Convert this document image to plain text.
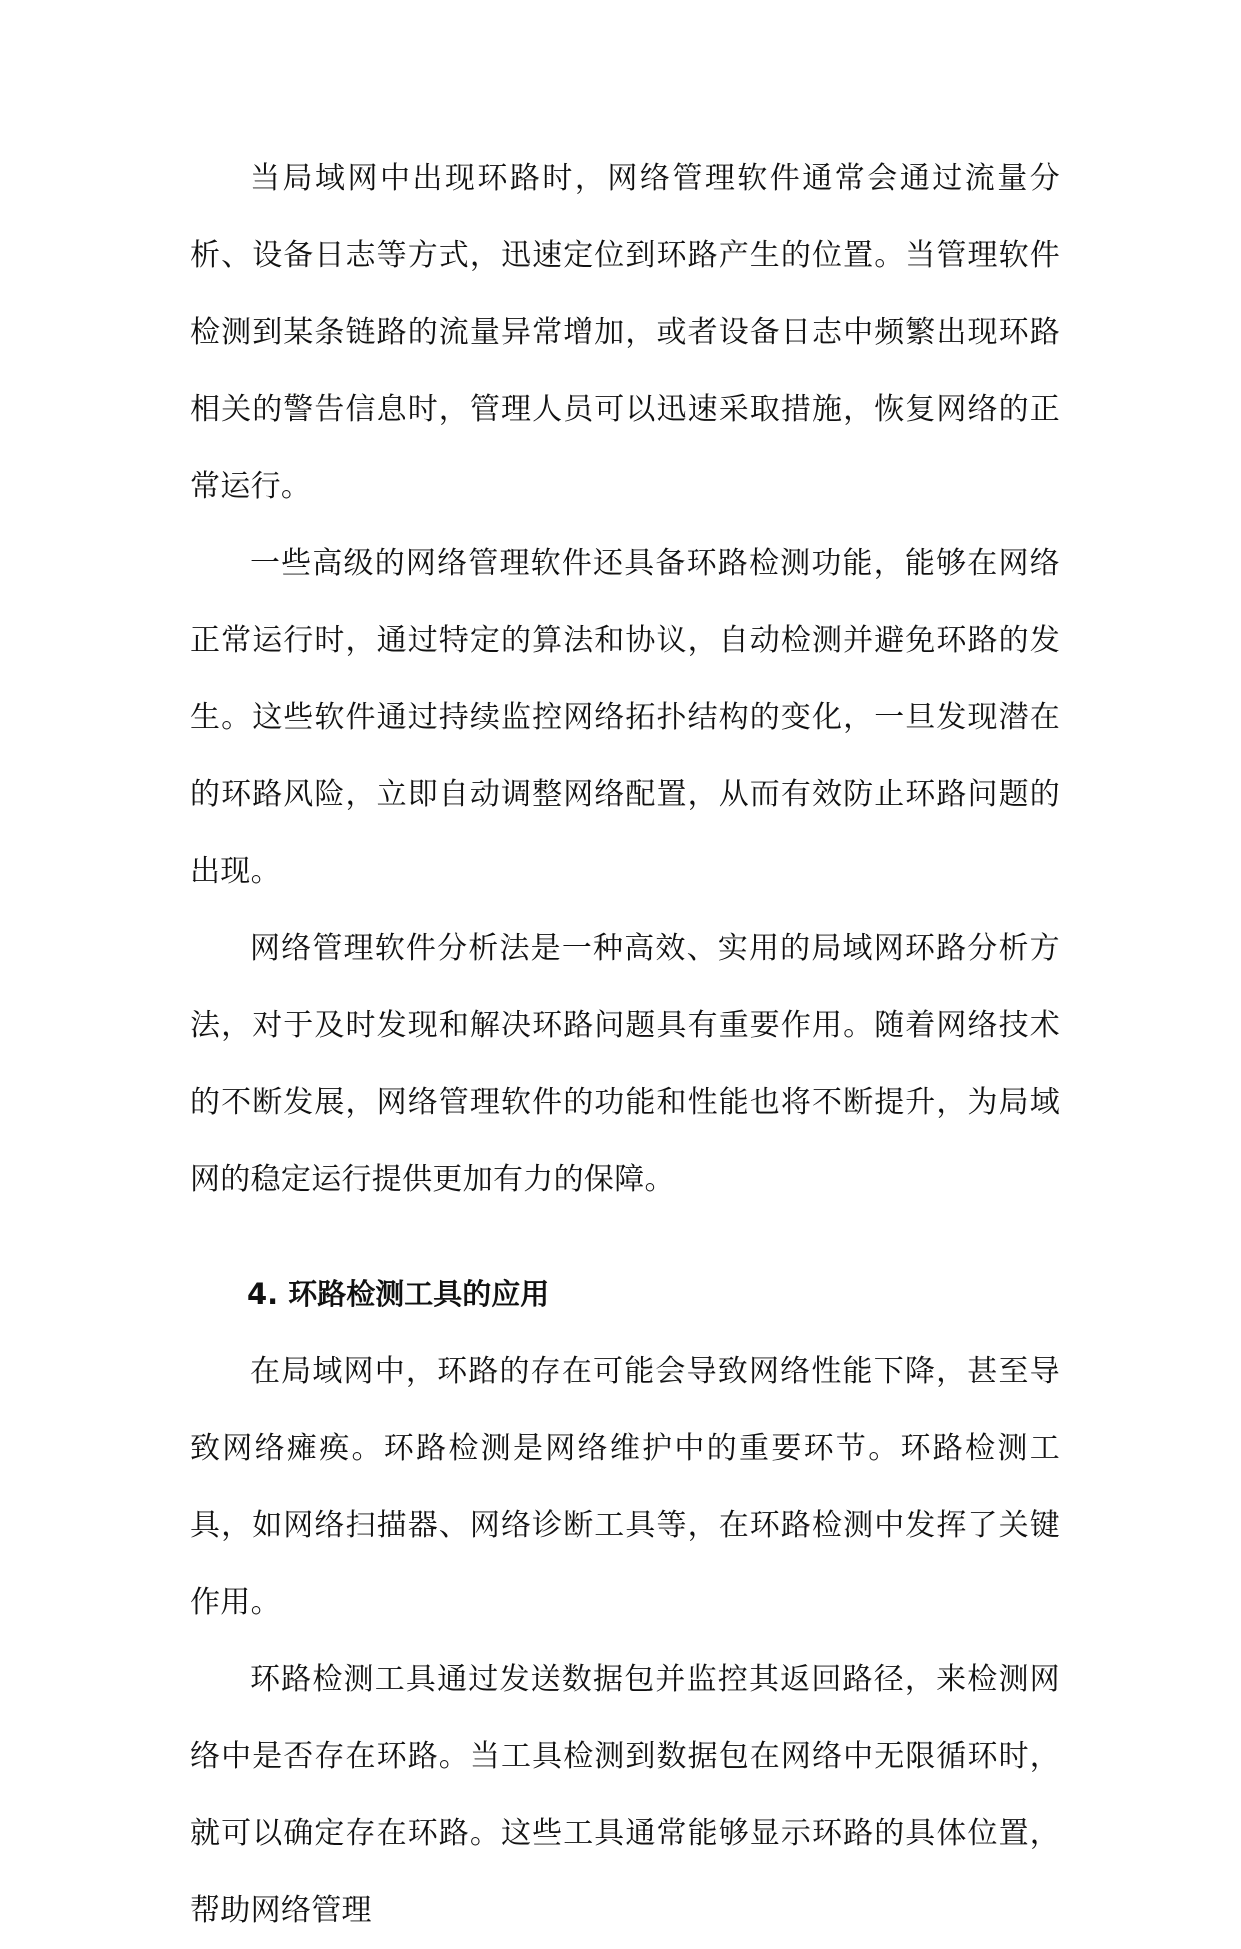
当局域网中出现环路时，网络管理软件通常会通过流量分析、设备日志等方式，迅速定位到环路产生的位置。当管理软件检测到某条链路的流量异常增加，或者设备日志中频繁出现环路相关的警告信息时，管理人员可以迅速采取措施，恢复网络的正常运行。

一些高级的网络管理软件还具备环路检测功能，能够在网络正常运行时，通过特定的算法和协议，自动检测并避免环路的发生。这些软件通过持续监控网络拓扑结构的变化，一旦发现潜在的环路风险，立即自动调整网络配置，从而有效防止环路问题的出现。

网络管理软件分析法是一种高效、实用的局域网环路分析方法，对于及时发现和解决环路问题具有重要作用。随着网络技术的不断发展，网络管理软件的功能和性能也将不断提升，为局域网的稳定运行提供更加有力的保障。

4. 环路检测工具的应用

在局域网中，环路的存在可能会导致网络性能下降，甚至导致网络瘫痪。环路检测是网络维护中的重要环节。环路检测工具，如网络扫描器、网络诊断工具等，在环路检测中发挥了关键作用。

环路检测工具通过发送数据包并监控其返回路径，来检测网络中是否存在环路。当工具检测到数据包在网络中无限循环时，就可以确定存在环路。这些工具通常能够显示环路的具体位置，帮助网络管理
